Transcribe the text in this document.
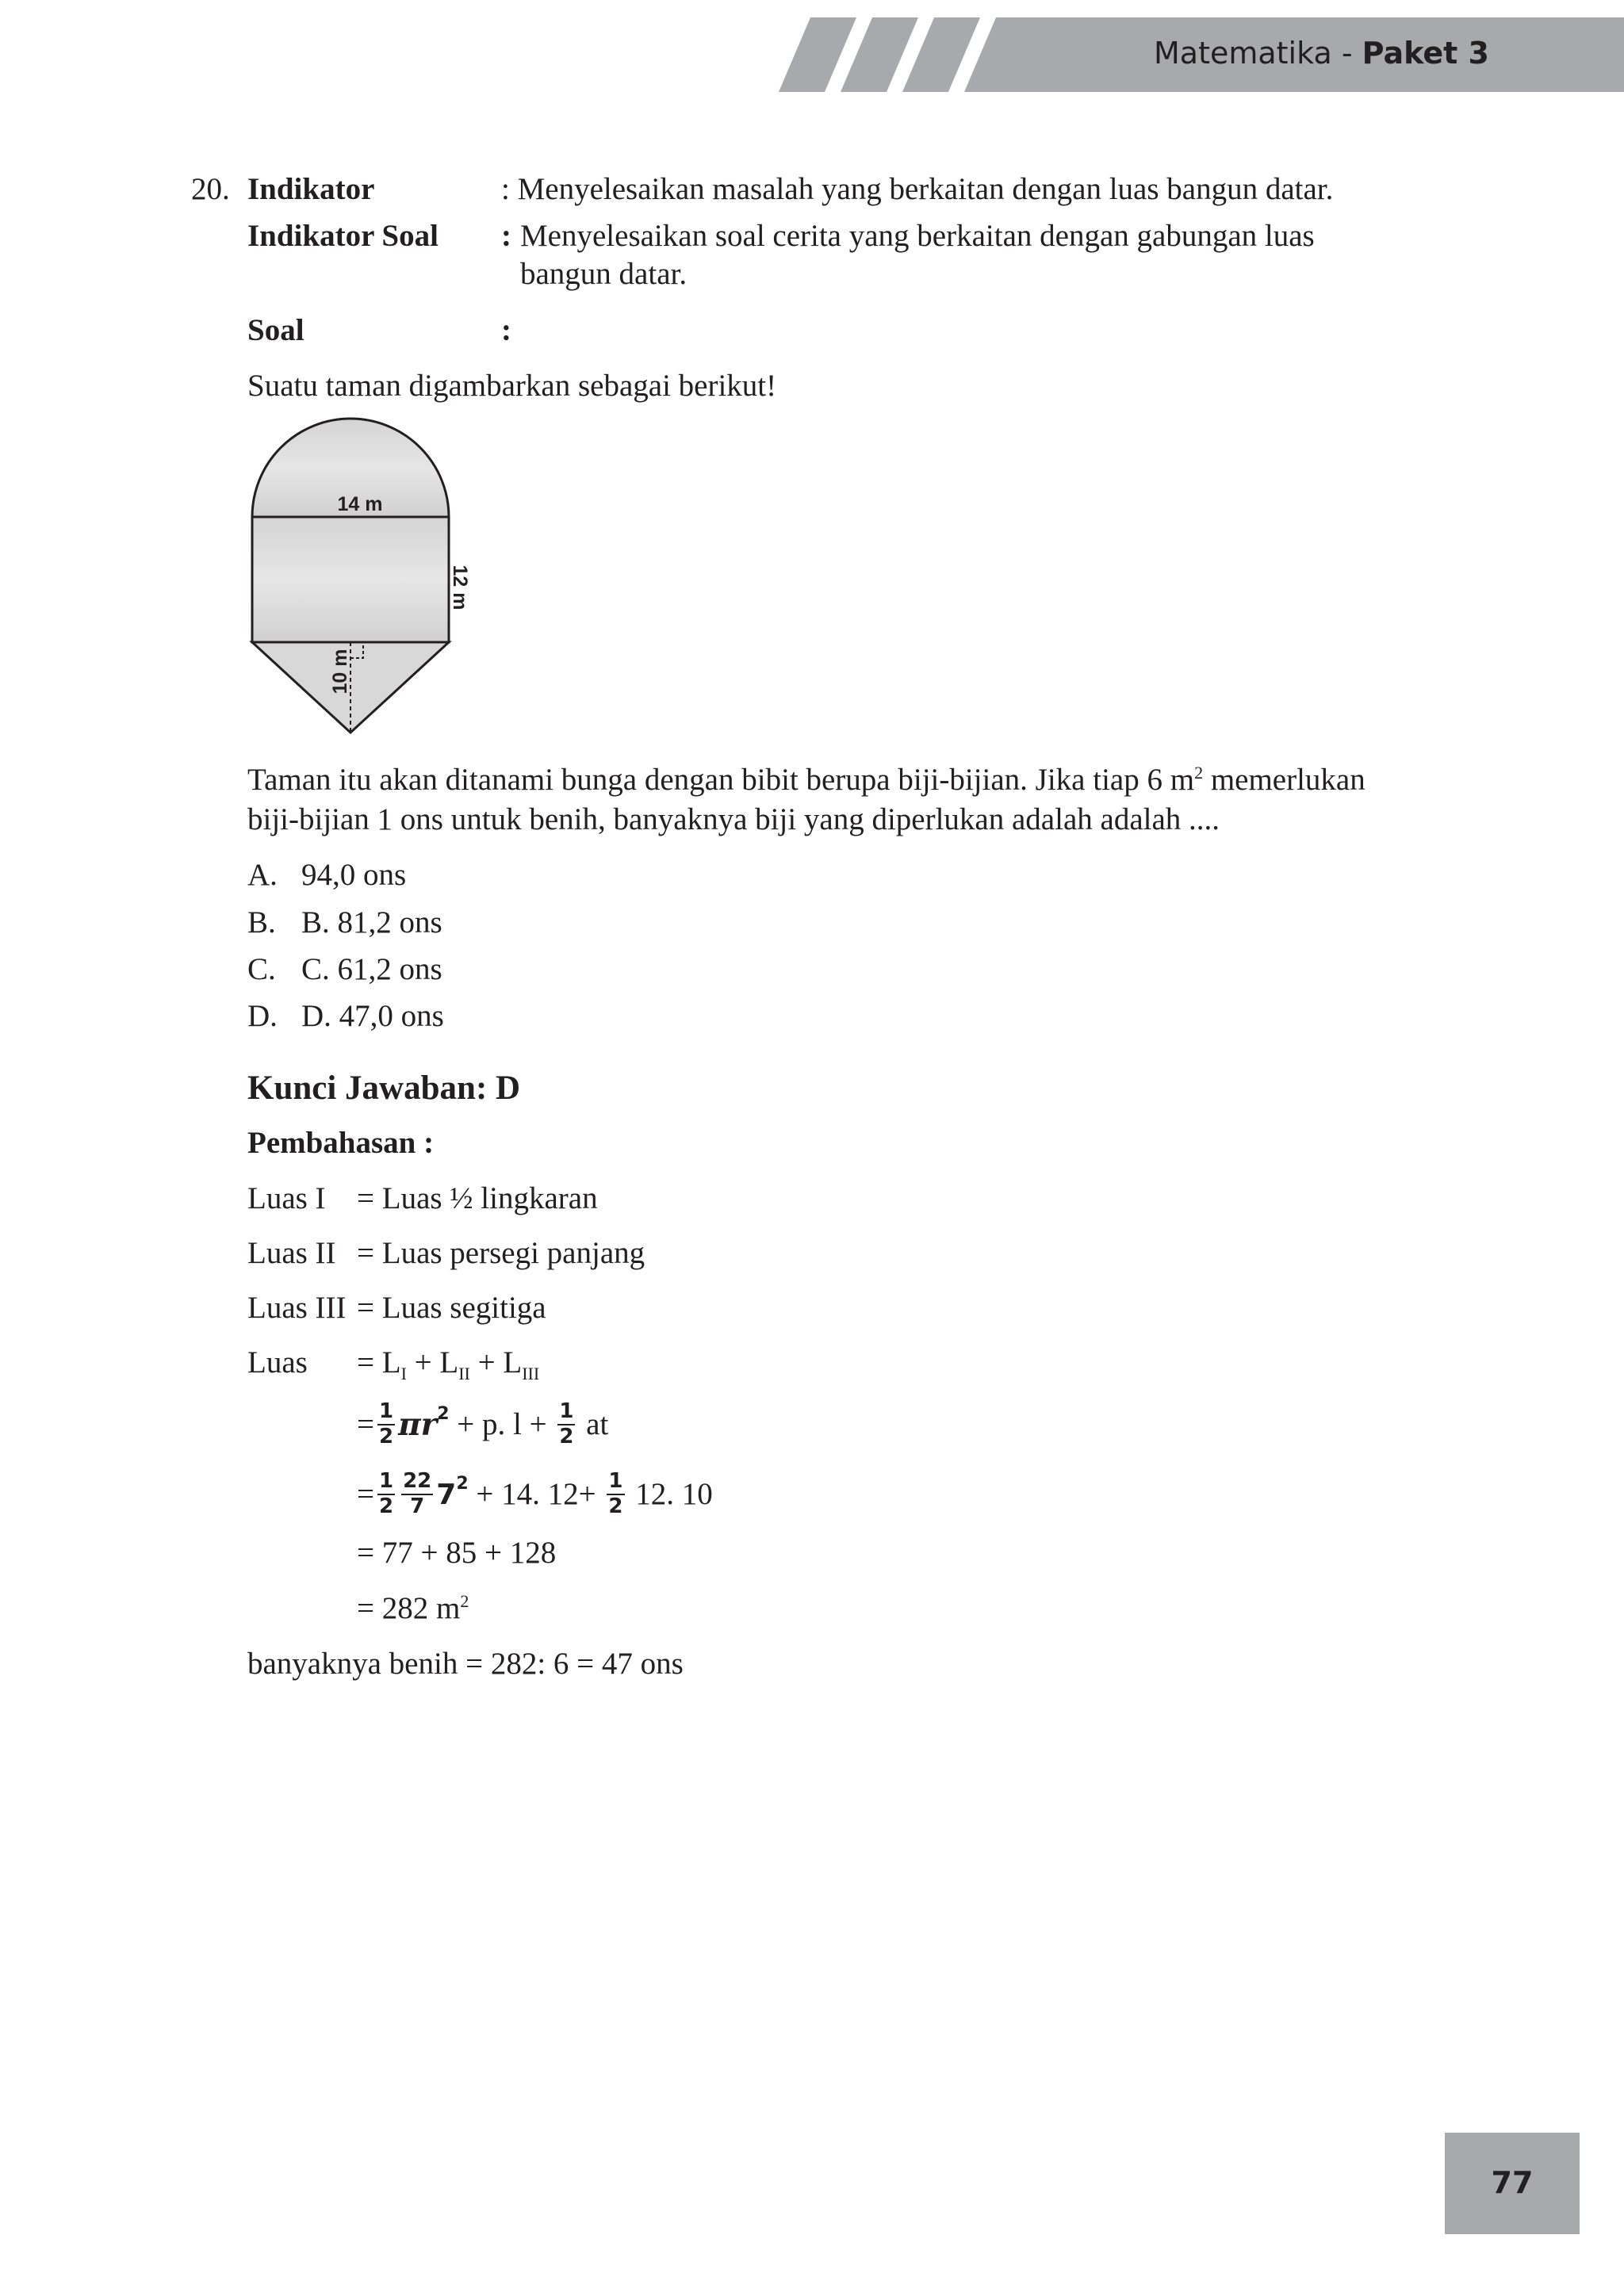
Matematika - Paket 3
20. Indikator	: Menyelesaikan masalah yang berkaitan dengan luas bangun datar.
Indikator Soal : Menyelesaikan soal cerita yang berkaitan dengan gabungan luas
bangun datar.
Soal	:
Suatu taman digambarkan sebagai berikut!
14 m
12 m
10 m
Taman itu akan ditanami bunga dengan bibit berupa biji-bijian. Jika tiap 6 $m^2$ memerlukan
biji-bijian 1 ons untuk benih, banyaknya biji yang diperlukan adalah adalah ....
A. 94,0 ons
B. B. 81,2 ons
C. C. 61,2 ons
D. D. 47,0 ons
Kunci Jawaban: D
Pembahasan :
Luas I = Luas ½ lingkaran
Luas II = Luas persegi panjang
Luas III = Luas segitiga
Luas = $L_I + L_{II} + L_{III}$
= $\frac{1}{2} \pi r^2 + p$. $l + \frac{1}{2}$ at
= $\frac{1}{2} \frac{22}{7} 7^2 + 14$. $12+ \frac{1}{2} 12$. 10
= 77 + 85 + 128
= 282 $m^2$
banyaknya benih = 282: 6 = 47 ons
77
